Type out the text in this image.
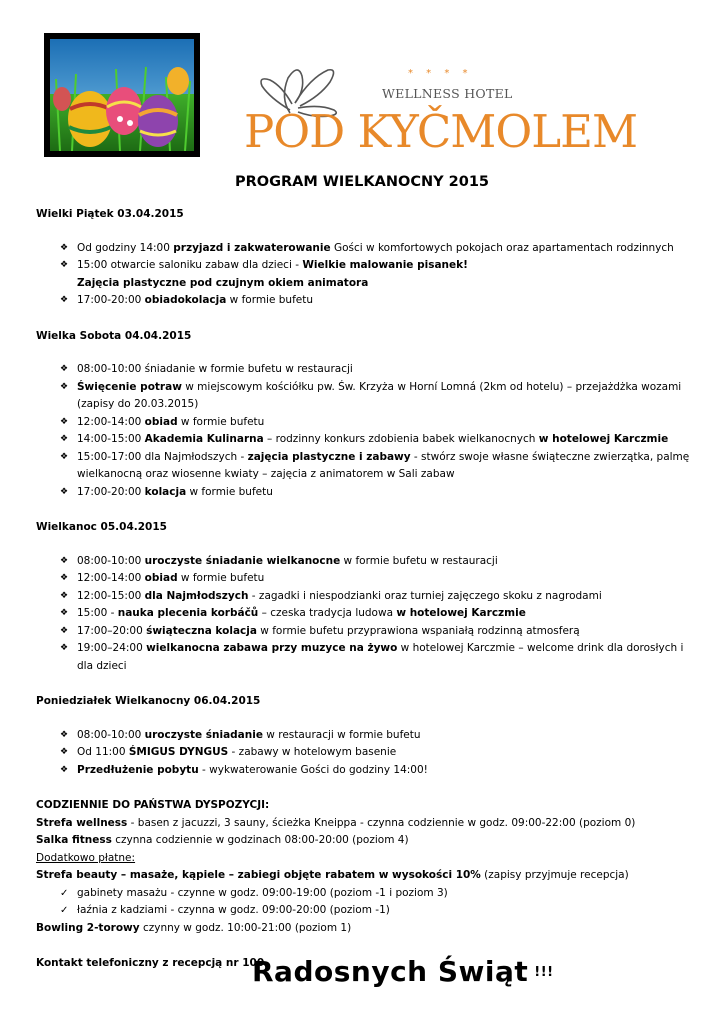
* * * *
WELLNESS HOTEL
POD KYČMOLEM
PROGRAM WIELKANOCNY 2015

Wielki Piątek 03.04.2015

❖ Od godziny 14:00 przyjazd i zakwaterowanie Gości w komfortowych pokojach oraz apartamentach rodzinnych
❖ 15:00 otwarcie saloniku zabaw dla dzieci - Wielkie malowanie pisanek!

Zajęcia plastyczne pod czujnym okiem animatora

❖ 17:00-20:00 obiadokolacja w formie bufetu

Wielka Sobota 04.04.2015

❖ 08:00-10:00 śniadanie w formie bufetu w restauracji
❖ Święcenie potraw w miejscowym kościółku pw. Św. Krzyża w Horní Lomná (2km od hotelu) – przejażdżka wozami (zapisy do 20.03.2015)
❖ 12:00-14:00 obiad w formie bufetu
❖ 14:00-15:00 Akademia Kulinarna – rodzinny konkurs zdobienia babek wielkanocnych w hotelowej Karczmie
❖ 15:00-17:00 dla Najmłodszych - zajęcia plastyczne i zabawy - stwórz swoje własne świąteczne zwierzątka, palmę wielkanocną oraz wiosenne kwiaty – zajęcia z animatorem w Sali zabaw
❖ 17:00-20:00 kolacja w formie bufetu

Wielkanoc 05.04.2015

❖ 08:00-10:00 uroczyste śniadanie wielkanocne w formie bufetu w restauracji
❖ 12:00-14:00 obiad w formie bufetu
❖ 12:00-15:00 dla Najmłodszych - zagadki i niespodzianki oraz turniej zajęczego skoku z nagrodami
❖ 15:00 - nauka plecenia korbáčů – czeska tradycja ludowa w hotelowej Karczmie
❖ 17:00–20:00 świąteczna kolacja w formie bufetu przyprawiona wspaniałą rodzinną atmosferą
❖ 19:00–24:00 wielkanocna zabawa przy muzyce na żywo w hotelowej Karczmie – welcome drink dla dorosłych i dla dzieci

Poniedziałek Wielkanocny 06.04.2015

❖ 08:00-10:00 uroczyste śniadanie w restauracji w formie bufetu
❖ Od 11:00 ŚMIGUS DYNGUS - zabawy w hotelowym basenie
❖ Przedłużenie pobytu - wykwaterowanie Gości do godziny 14:00!

CODZIENNIE DO PAŃSTWA DYSPOZYCJI:

Strefa wellness - basen z jacuzzi, 3 sauny, ścieżka Kneippa - czynna codziennie w godz. 09:00-22:00 (poziom 0)

Salka fitness czynna codziennie w godzinach 08:00-20:00 (poziom 4)

Dodatkowo płatne:

Strefa beauty – masaże, kąpiele – zabiegi objęte rabatem w wysokości 10% (zapisy przyjmuje recepcja)

✓ gabinety masażu - czynne w godz. 09:00-19:00 (poziom -1 i poziom 3)
✓ łaźnia z kadziami - czynna w godz. 09:00-20:00 (poziom -1)

Bowling 2-torowy czynny w godz. 10:00-21:00 (poziom 1)

Kontakt telefoniczny z recepcją nr 100

Radosnych Świąt !!!
